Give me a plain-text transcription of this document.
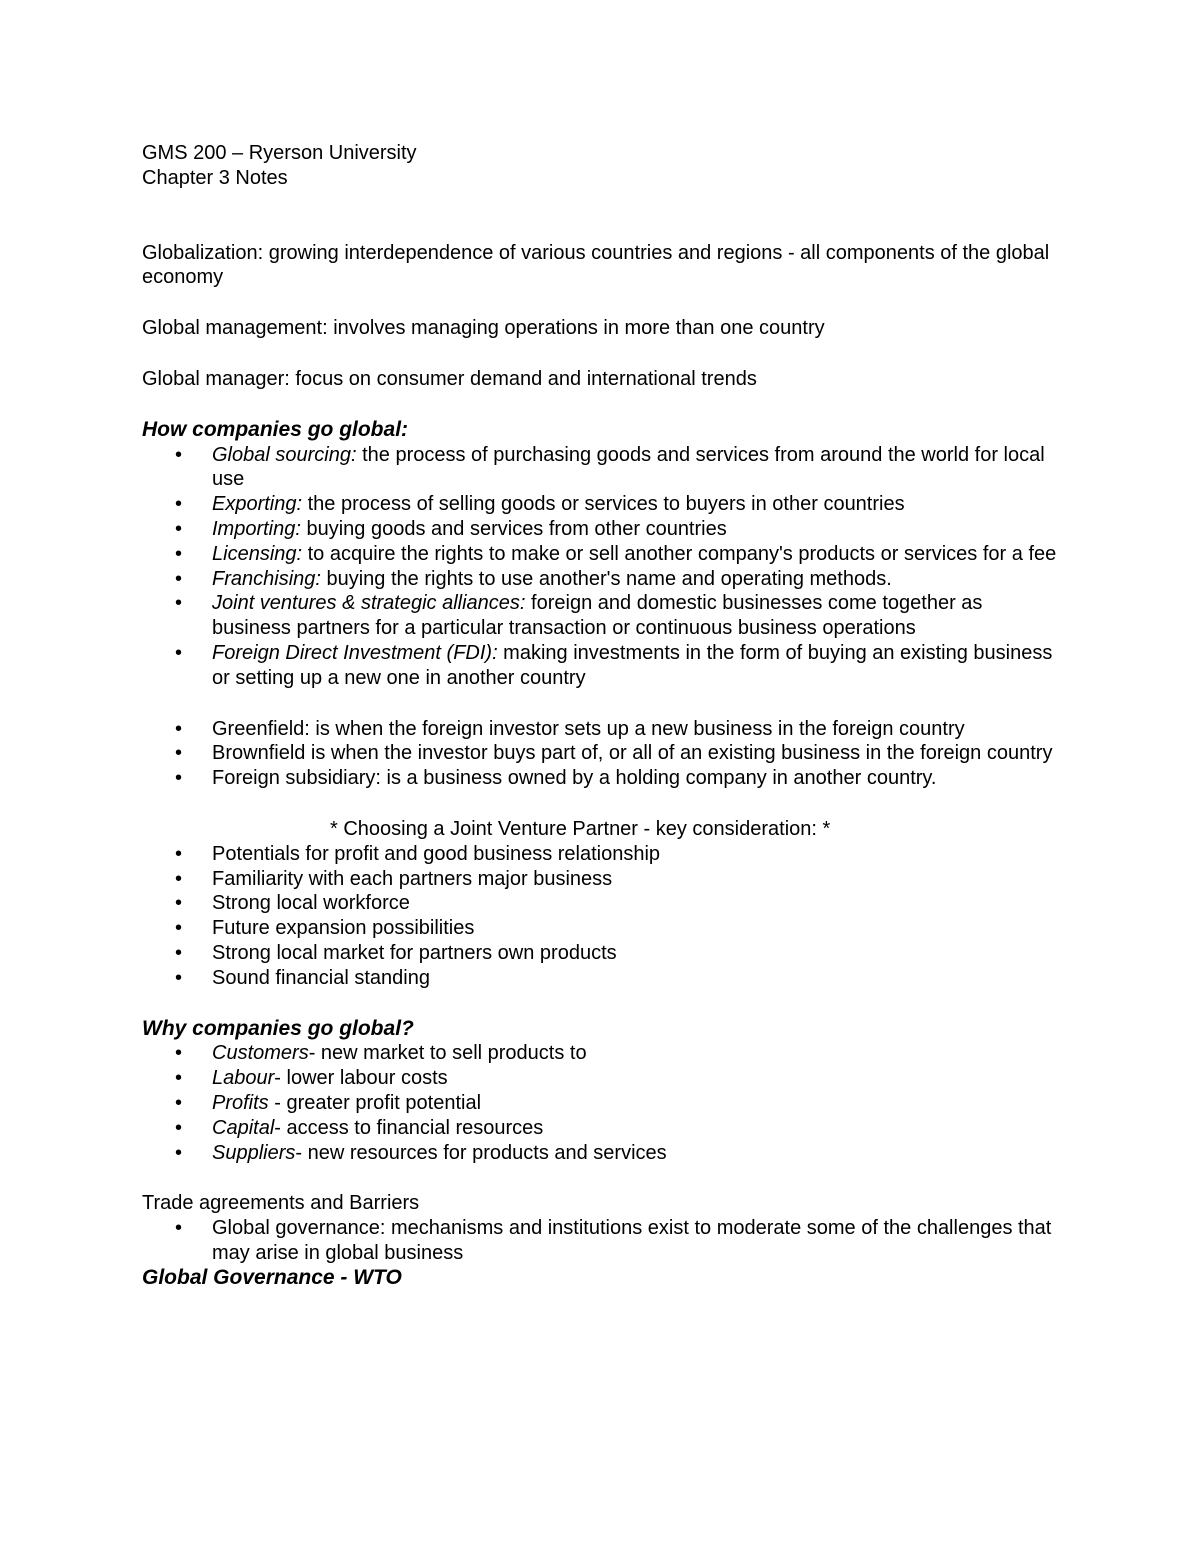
GMS 200 – Ryerson University

Chapter 3 Notes

Globalization: growing interdependence of various countries and regions - all components of the global economy

Global management: involves managing operations in more than one country

Global manager: focus on consumer demand and international trends

How companies go global:

• Global sourcing: the process of purchasing goods and services from around the world for local use
• Exporting: the process of selling goods or services to buyers in other countries
• Importing: buying goods and services from other countries
• Licensing: to acquire the rights to make or sell another company's products or services for a fee
• Franchising: buying the rights to use another's name and operating methods.
• Joint ventures & strategic alliances: foreign and domestic businesses come together as business partners for a particular transaction or continuous business operations
• Foreign Direct Investment (FDI): making investments in the form of buying an existing business or setting up a new one in another country
• Greenfield: is when the foreign investor sets up a new business in the foreign country
• Brownfield is when the investor buys part of, or all of an existing business in the foreign country
• Foreign subsidiary: is a business owned by a holding company in another country.

* Choosing a Joint Venture Partner - key consideration: *

• Potentials for profit and good business relationship
• Familiarity with each partners major business
• Strong local workforce
• Future expansion possibilities
• Strong local market for partners own products
• Sound financial standing

Why companies go global?

• Customers- new market to sell products to
• Labour- lower labour costs
• Profits - greater profit potential
• Capital- access to financial resources
• Suppliers- new resources for products and services

Trade agreements and Barriers

• Global governance: mechanisms and institutions exist to moderate some of the challenges that may arise in global business

Global Governance - WTO
